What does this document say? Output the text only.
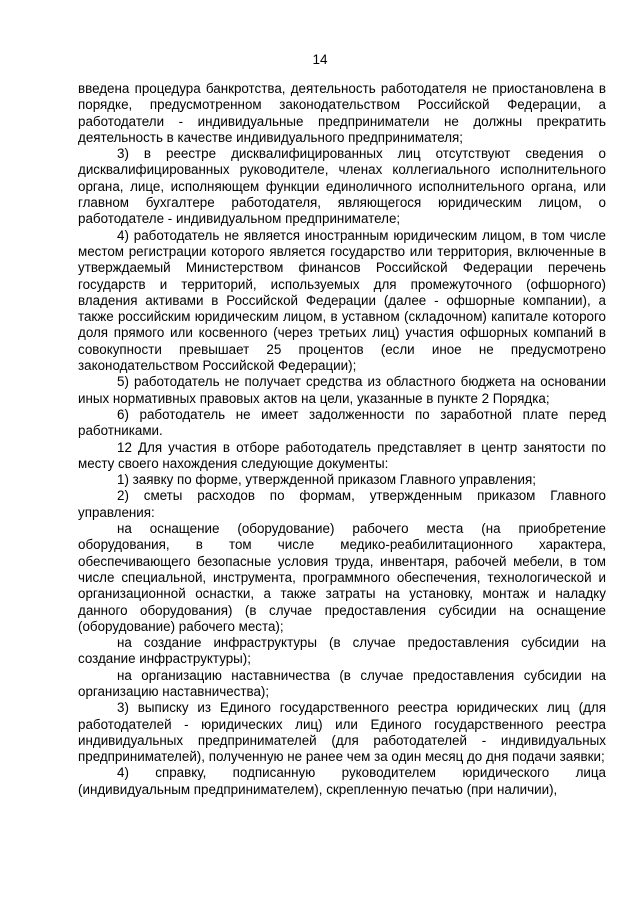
14

введена процедура банкротства, деятельность работодателя не приостановлена в порядке, предусмотренном законодательством Российской Федерации, а работодатели - индивидуальные предприниматели не должны прекратить деятельность в качестве индивидуального предпринимателя;

3) в реестре дисквалифицированных лиц отсутствуют сведения о дисквалифицированных руководителе, членах коллегиального исполнительного органа, лице, исполняющем функции единоличного исполнительного органа, или главном бухгалтере работодателя, являющегося юридическим лицом, о работодателе - индивидуальном предпринимателе;

4) работодатель не является иностранным юридическим лицом, в том числе местом регистрации которого является государство или территория, включенные в утверждаемый Министерством финансов Российской Федерации перечень государств и территорий, используемых для промежуточного (офшорного) владения активами в Российской Федерации (далее - офшорные компании), а также российским юридическим лицом, в уставном (складочном) капитале которого доля прямого или косвенного (через третьих лиц) участия офшорных компаний в совокупности превышает 25 процентов (если иное не предусмотрено законодательством Российской Федерации);

5) работодатель не получает средства из областного бюджета на основании иных нормативных правовых актов на цели, указанные в пункте 2 Порядка;

6) работодатель не имеет задолженности по заработной плате перед работниками.

12 Для участия в отборе работодатель представляет в центр занятости по месту своего нахождения следующие документы:

1) заявку по форме, утвержденной приказом Главного управления;

2) сметы расходов по формам, утвержденным приказом Главного управления:

на оснащение (оборудование) рабочего места (на приобретение оборудования, в том числе медико-реабилитационного характера, обеспечивающего безопасные условия труда, инвентаря, рабочей мебели, в том числе специальной, инструмента, программного обеспечения, технологической и организационной оснастки, а также затраты на установку, монтаж и наладку данного оборудования) (в случае предоставления субсидии на оснащение (оборудование) рабочего места);

на создание инфраструктуры (в случае предоставления субсидии на создание инфраструктуры);

на организацию наставничества (в случае предоставления субсидии на организацию наставничества);

3) выписку из Единого государственного реестра юридических лиц (для работодателей - юридических лиц) или Единого государственного реестра индивидуальных предпринимателей (для работодателей - индивидуальных предпринимателей), полученную не ранее чем за один месяц до дня подачи заявки;

4) справку, подписанную руководителем юридического лица (индивидуальным предпринимателем), скрепленную печатью (при наличии),
